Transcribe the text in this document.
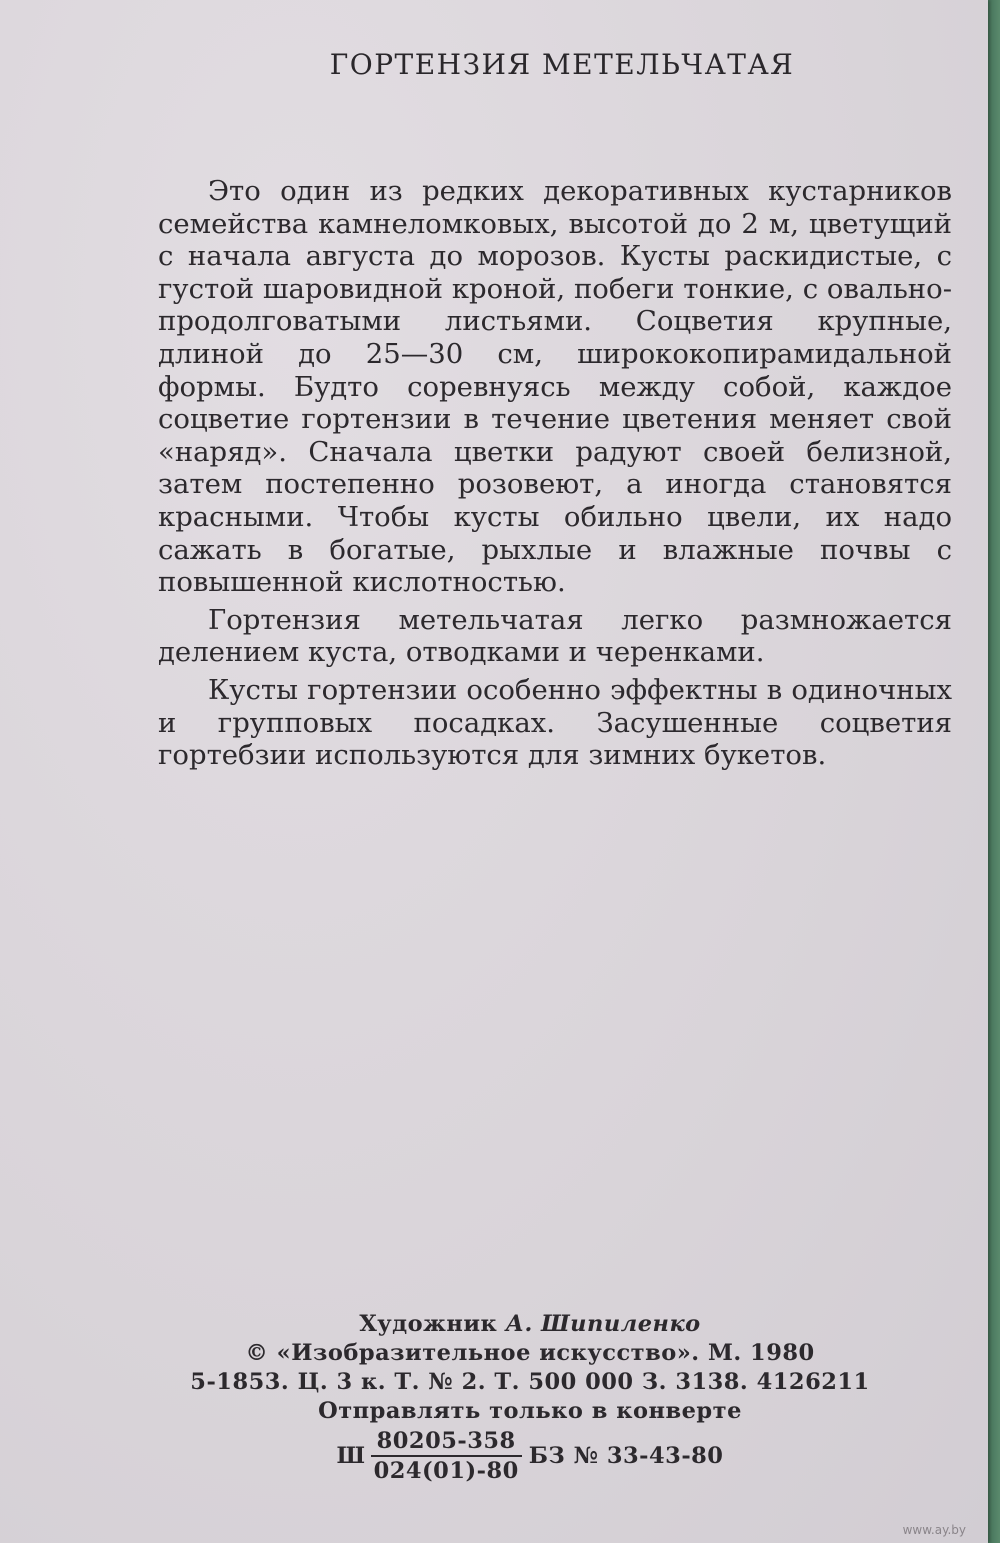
ГОРТЕНЗИЯ МЕТЕЛЬЧАТАЯ

Это один из редких декоративных кустарников семейства камнеломковых, высотой до 2 м, цветущий с начала августа до морозов. Кусты раскидистые, с густой шаровидной кроной, побеги тонкие, с овально-продолговатыми листьями. Соцветия крупные, длиной до 25—30 см, ширококопирамидальной формы. Будто соревнуясь между собой, каждое соцветие гортензии в течение цветения меняет свой «наряд». Сначала цветки радуют своей белизной, затем постепенно розовеют, а иногда становятся красными. Чтобы кусты обильно цвели, их надо сажать в богатые, рыхлые и влажные почвы с повышенной кислотностью.

Гортензия метельчатая легко размножается делением куста, отводками и черенками.

Кусты гортензии особенно эффектны в одиночных и групповых посадках. Засушенные соцветия гортебзии используются для зимних букетов.

Художник А. Шипиленко
© «Изобразительное искусство». М. 1980
5-1853. Ц. 3 к. Т. № 2. Т. 500 000 З. 3138. 4126211
Отправлять только в конверте
Ш $\frac{80205-358}{024(01)-80}$ БЗ № 33-43-80
www.ay.by
